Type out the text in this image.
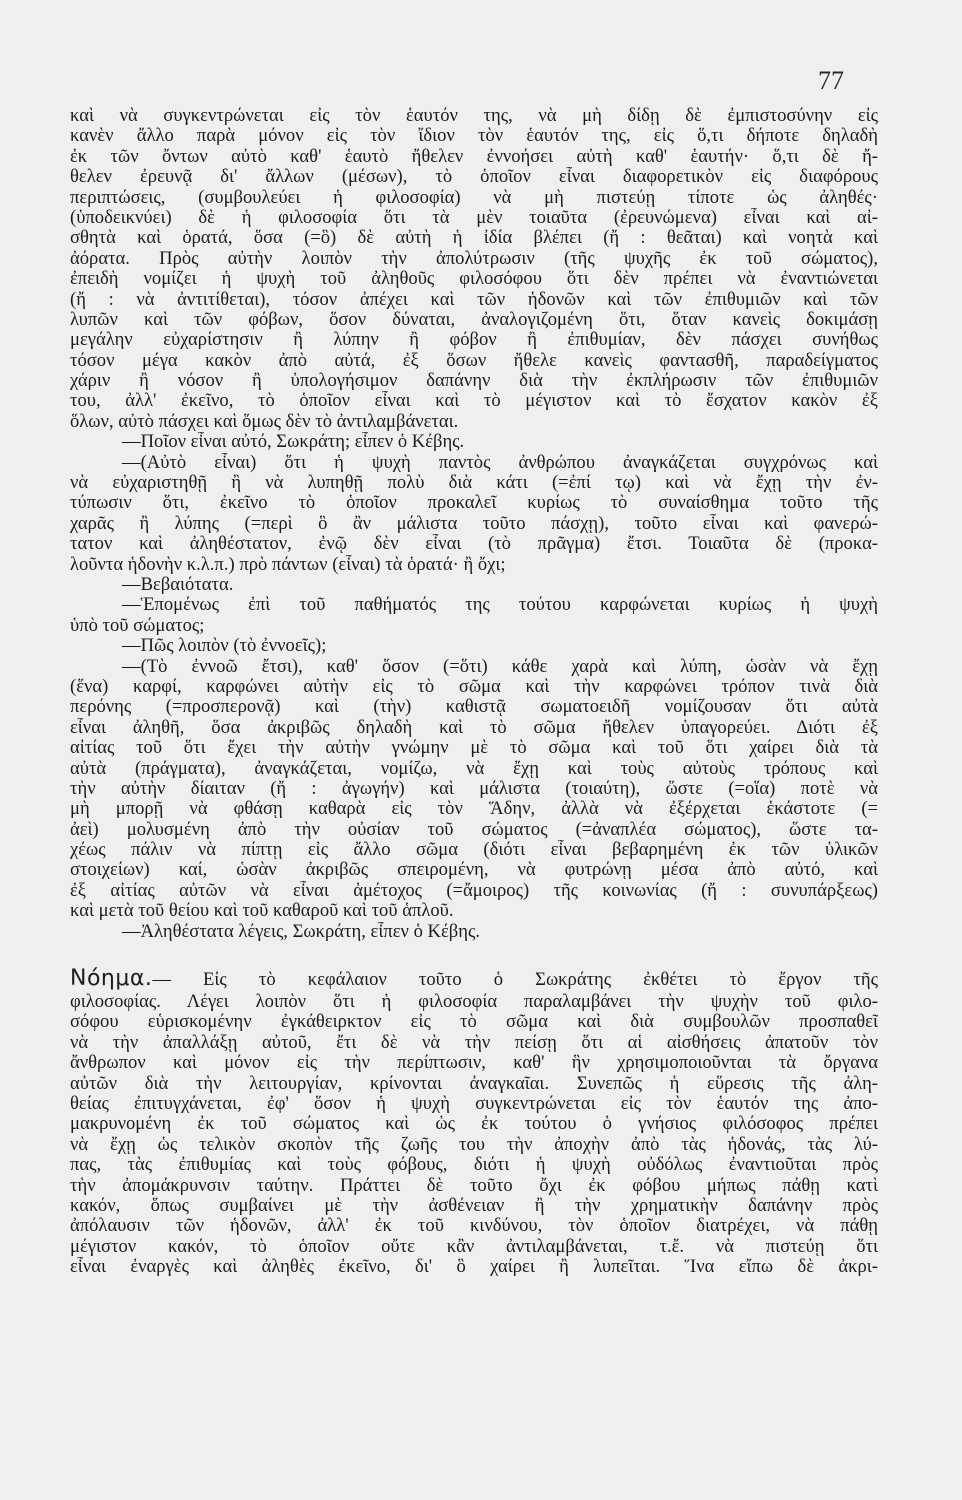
77
καὶ νὰ συγκεντρώνεται εἰς τὸν ἑαυτόν της, νὰ μὴ δίδῃ δὲ ἐμπιστοσύνην εἰς
κανὲν ἄλλο παρὰ μόνον εἰς τὸν ἴδιον τὸν ἑαυτόν της, εἰς ὅ,τι δήποτε δηλαδὴ
ἐκ τῶν ὄντων αὐτὸ καθ' ἑαυτὸ ἤθελεν ἐννοήσει αὐτὴ καθ' ἑαυτήν· ὅ,τι δὲ ἤ-
θελεν ἐρευνᾷ δι' ἄλλων (μέσων), τὸ ὁποῖον εἶναι διαφορετικὸν εἰς διαφόρους
περιπτώσεις, (συμβουλεύει ἡ φιλοσοφία) νὰ μὴ πιστεύῃ τίποτε ὡς ἀληθές·
(ὑποδεικνύει) δὲ ἡ φιλοσοφία ὅτι τὰ μὲν τοιαῦτα (ἐρευνώμενα) εἶναι καὶ αἰ-
σθητὰ καὶ ὁρατά, ὅσα (=ὃ) δὲ αὐτὴ ἡ ἰδία βλέπει (ἤ : θεᾶται) καὶ νοητὰ καὶ
ἀόρατα. Πρὸς αὐτὴν λοιπὸν τὴν ἀπολύτρωσιν (τῆς ψυχῆς ἐκ τοῦ σώματος),
ἐπειδὴ νομίζει ἡ ψυχὴ τοῦ ἀληθοῦς φιλοσόφου ὅτι δὲν πρέπει νὰ ἐναντιώνεται
(ἤ : νὰ ἀντιτίθεται), τόσον ἀπέχει καὶ τῶν ἡδονῶν καὶ τῶν ἐπιθυμιῶν καὶ τῶν
λυπῶν καὶ τῶν φόβων, ὅσον δύναται, ἀναλογιζομένη ὅτι, ὅταν κανεὶς δοκιμάσῃ
μεγάλην εὐχαρίστησιν ἢ λύπην ἢ φόβον ἢ ἐπιθυμίαν, δὲν πάσχει συνήθως
τόσον μέγα κακὸν ἀπὸ αὐτά, ἐξ ὅσων ἤθελε κανεὶς φαντασθῆ, παραδείγματος
χάριν ἢ νόσον ἢ ὑπολογήσιμον δαπάνην διὰ τὴν ἐκπλήρωσιν τῶν ἐπιθυμιῶν
του, ἀλλ' ἐκεῖνο, τὸ ὁποῖον εἶναι καὶ τὸ μέγιστον καὶ τὸ ἔσχατον κακὸν ἐξ
ὅλων, αὐτὸ πάσχει καὶ ὅμως δὲν τὸ ἀντιλαμβάνεται.
—Ποῖον εἶναι αὐτό, Σωκράτη; εἶπεν ὁ Κέβης.
—(Αὐτὸ εἶναι) ὅτι ἡ ψυχὴ παντὸς ἀνθρώπου ἀναγκάζεται συγχρόνως καὶ
νὰ εὐχαριστηθῇ ἢ νὰ λυπηθῇ πολὺ διὰ κάτι (=ἐπί τῳ) καὶ νὰ ἔχῃ τὴν ἐν-
τύπωσιν ὅτι, ἐκεῖνο τὸ ὁποῖον προκαλεῖ κυρίως τὸ συναίσθημα τοῦτο τῆς
χαρᾶς ἢ λύπης (=περὶ ὃ ἂν μάλιστα τοῦτο πάσχῃ), τοῦτο εἶναι καὶ φανερώ-
τατον καὶ ἀληθέστατον, ἐνῷ δὲν εἶναι (τὸ πρᾶγμα) ἔτσι. Τοιαῦτα δὲ (προκα-
λοῦντα ἡδονὴν κ.λ.π.) πρὸ πάντων (εἶναι) τὰ ὁρατά· ἢ ὄχι;
—Βεβαιότατα.
—Ἑπομένως ἐπὶ τοῦ παθήματός της τούτου καρφώνεται κυρίως ἡ ψυχὴ
ὑπὸ τοῦ σώματος;
—Πῶς λοιπὸν (τὸ ἐννοεῖς);
—(Τὸ ἐννοῶ ἔτσι), καθ' ὅσον (=ὅτι) κάθε χαρὰ καὶ λύπη, ὡσὰν νὰ ἔχῃ
(ἕνα) καρφί, καρφώνει αὐτὴν εἰς τὸ σῶμα καὶ τὴν καρφώνει τρόπον τινὰ διὰ
περόνης (=προσπερονᾷ) καὶ (τὴν) καθιστᾷ σωματοειδῆ νομίζουσαν ὅτι αὐτὰ
εἶναι ἀληθῆ, ὅσα ἀκριβῶς δηλαδὴ καὶ τὸ σῶμα ἤθελεν ὑπαγορεύει. Διότι ἐξ
αἰτίας τοῦ ὅτι ἔχει τὴν αὐτὴν γνώμην μὲ τὸ σῶμα καὶ τοῦ ὅτι χαίρει διὰ τὰ
αὐτὰ (πράγματα), ἀναγκάζεται, νομίζω, νὰ ἔχῃ καὶ τοὺς αὐτοὺς τρόπους καὶ
τὴν αὐτὴν δίαιταν (ἤ : ἀγωγήν) καὶ μάλιστα (τοιαύτη), ὥστε (=οἵα) ποτὲ νὰ
μὴ μπορῇ νὰ φθάσῃ καθαρὰ εἰς τὸν Ἅδην, ἀλλὰ νὰ ἐξέρχεται ἑκάστοτε (=
ἀεὶ) μολυσμένη ἀπὸ τὴν οὐσίαν τοῦ σώματος (=ἀναπλέα σώματος), ὥστε τα-
χέως πάλιν νὰ πίπτῃ εἰς ἄλλο σῶμα (διότι εἶναι βεβαρημένη ἐκ τῶν ὑλικῶν
στοιχείων) καί, ὡσὰν ἀκριβῶς σπειρομένη, νὰ φυτρώνῃ μέσα ἀπὸ αὐτό, καὶ
ἐξ αἰτίας αὐτῶν νὰ εἶναι ἀμέτοχος (=ἄμοιρος) τῆς κοινωνίας (ἤ : συνυπάρξεως)
καὶ μετὰ τοῦ θείου καὶ τοῦ καθαροῦ καὶ τοῦ ἁπλοῦ.
—Ἀληθέστατα λέγεις, Σωκράτη, εἶπεν ὁ Κέβης.
Νόημα.— Εἰς τὸ κεφάλαιον τοῦτο ὁ Σωκράτης ἐκθέτει τὸ ἔργον τῆς
φιλοσοφίας. Λέγει λοιπὸν ὅτι ἡ φιλοσοφία παραλαμβάνει τὴν ψυχὴν τοῦ φιλο-
σόφου εὑρισκομένην ἐγκάθειρκτον εἰς τὸ σῶμα καὶ διὰ συμβουλῶν προσπαθεῖ
νὰ τὴν ἀπαλλάξῃ αὐτοῦ, ἔτι δὲ νὰ τὴν πείσῃ ὅτι αἱ αἰσθήσεις ἀπατοῦν τὸν
ἄνθρωπον καὶ μόνον εἰς τὴν περίπτωσιν, καθ' ἣν χρησιμοποιοῦνται τὰ ὄργανα
αὐτῶν διὰ τὴν λειτουργίαν, κρίνονται ἀναγκαῖαι. Συνεπῶς ἡ εὕρεσις τῆς ἀλη-
θείας ἐπιτυγχάνεται, ἐφ' ὅσον ἡ ψυχὴ συγκεντρώνεται εἰς τὸν ἑαυτόν της ἀπο-
μακρυνομένη ἐκ τοῦ σώματος καὶ ὡς ἐκ τούτου ὁ γνήσιος φιλόσοφος πρέπει
νὰ ἔχῃ ὡς τελικὸν σκοπὸν τῆς ζωῆς του τὴν ἀποχὴν ἀπὸ τὰς ἡδονάς, τὰς λύ-
πας, τὰς ἐπιθυμίας καὶ τοὺς φόβους, διότι ἡ ψυχὴ οὐδόλως ἐναντιοῦται πρὸς
τὴν ἀπομάκρυνσιν ταύτην. Πράττει δὲ τοῦτο ὄχι ἐκ φόβου μήπως πάθῃ κατὶ
κακόν, ὅπως συμβαίνει μὲ τὴν ἀσθένειαν ἢ τὴν χρηματικὴν δαπάνην πρὸς
ἀπόλαυσιν τῶν ἡδονῶν, ἀλλ' ἐκ τοῦ κινδύνου, τὸν ὁποῖον διατρέχει, νὰ πάθῃ
μέγιστον κακόν, τὸ ὁποῖον οὔτε κἂν ἀντιλαμβάνεται, τ.ἔ. νὰ πιστεύῃ ὅτι
εἶναι ἐναργὲς καὶ ἀληθὲς ἐκεῖνο, δι' ὃ χαίρει ἢ λυπεῖται. Ἵνα εἴπω δὲ ἀκρι-
